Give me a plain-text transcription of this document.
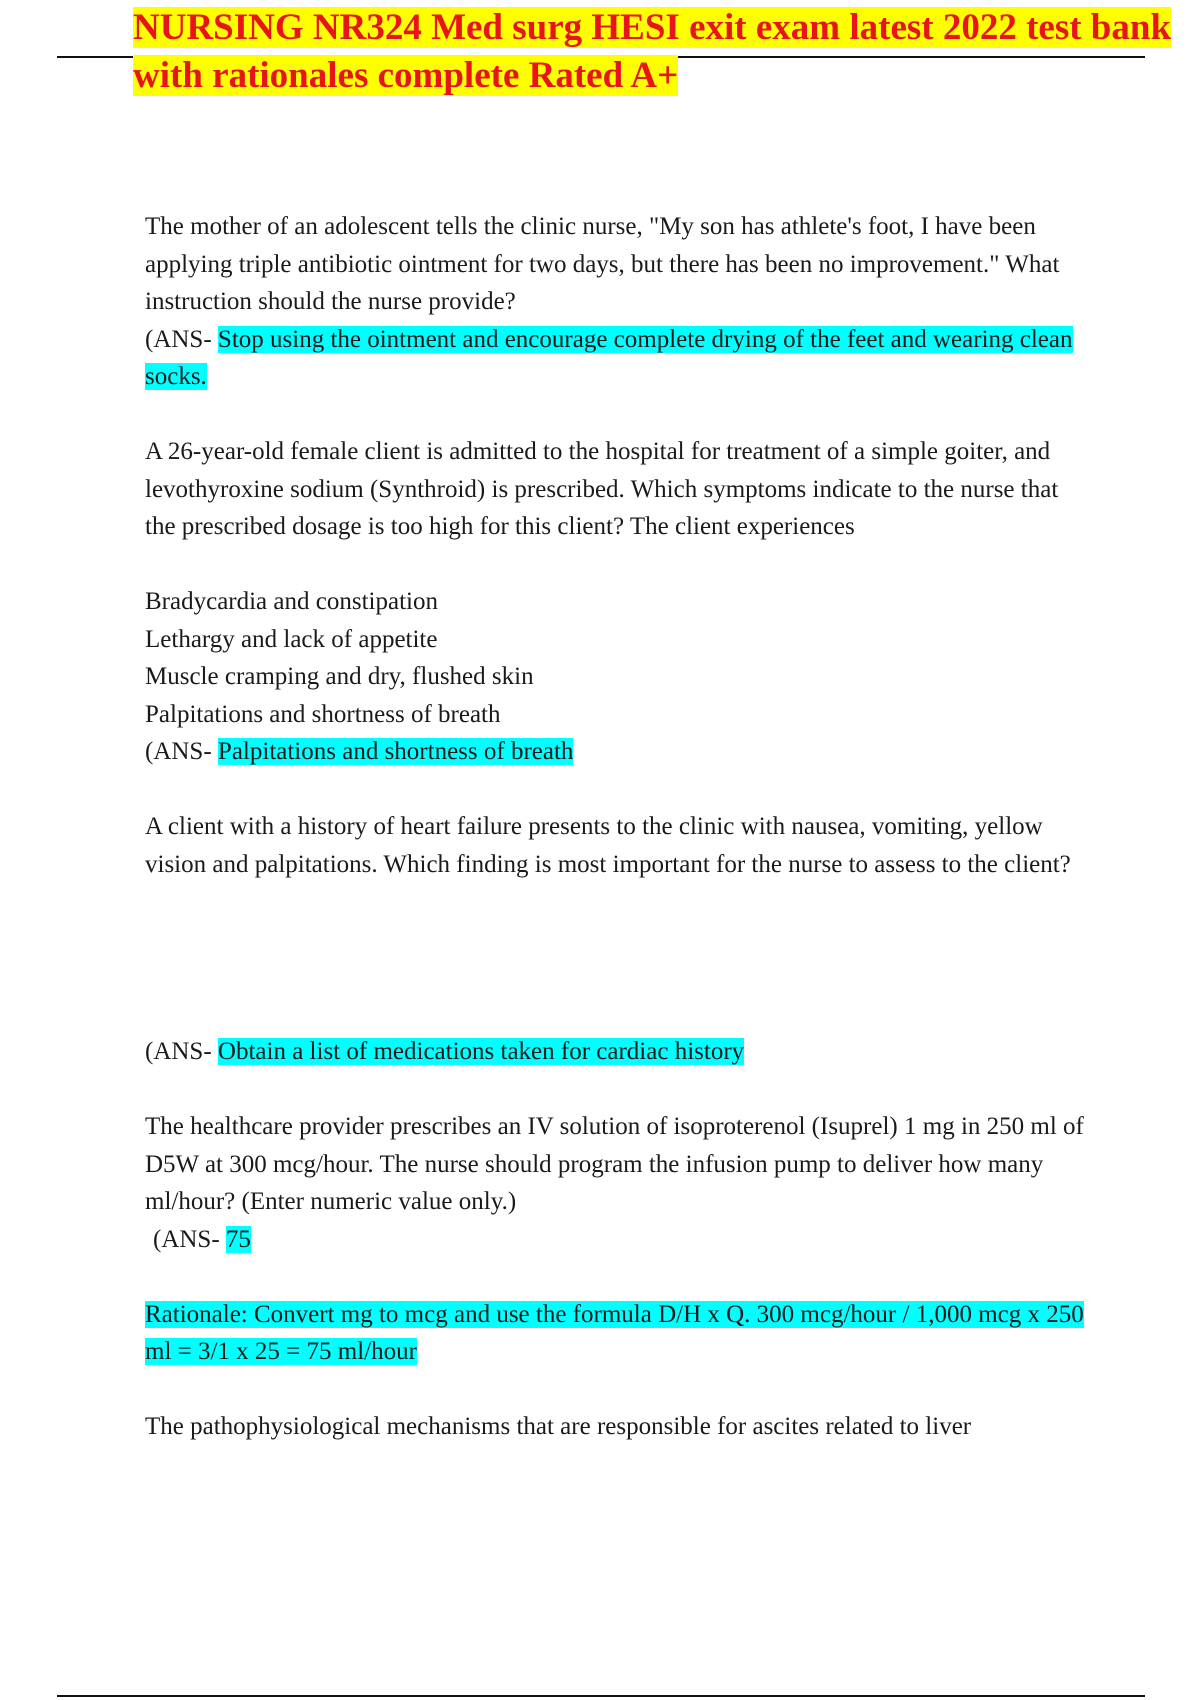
NURSING NR324 Med surg HESI exit exam latest 2022 test bank with rationales complete Rated A+

The mother of an adolescent tells the clinic nurse, "My son has athlete's foot, I have been applying triple antibiotic ointment for two days, but there has been no improvement." What instruction should the nurse provide?

(ANS- Stop using the ointment and encourage complete drying of the feet and wearing clean socks.

A 26-year-old female client is admitted to the hospital for treatment of a simple goiter, and levothyroxine sodium (Synthroid) is prescribed. Which symptoms indicate to the nurse that the prescribed dosage is too high for this client? The client experiences

Bradycardia and constipation

Lethargy and lack of appetite

Muscle cramping and dry, flushed skin

Palpitations and shortness of breath

(ANS- Palpitations and shortness of breath

A client with a history of heart failure presents to the clinic with nausea, vomiting, yellow vision and palpitations. Which finding is most important for the nurse to assess to the client?

(ANS- Obtain a list of medications taken for cardiac history

The healthcare provider prescribes an IV solution of isoproterenol (Isuprel) 1 mg in 250 ml of D5W at 300 mcg/hour. The nurse should program the infusion pump to deliver how many ml/hour? (Enter numeric value only.)

(ANS- 75

Rationale: Convert mg to mcg and use the formula D/H x Q. 300 mcg/hour / 1,000 mcg x 250 ml = 3/1 x 25 = 75 ml/hour

The pathophysiological mechanisms that are responsible for ascites related to liver
